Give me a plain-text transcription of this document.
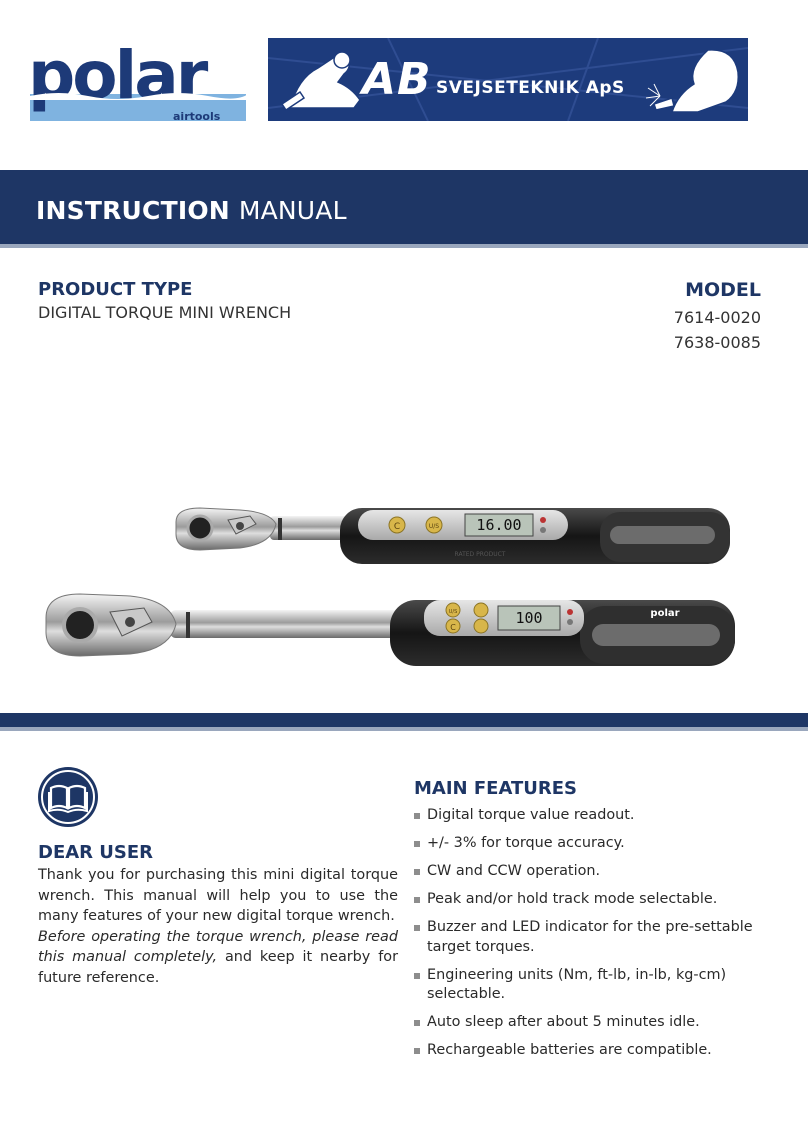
polar
airtools
AB SVEJSETEKNIK ApS
INSTRUCTION MANUAL
PRODUCT TYPE
DIGITAL TORQUE MINI WRENCH
MODEL
7614-0020
7638-0085
C	U/S 16.00
RATED PRODUCT
U/S
C
100	polar
DEAR USER

Thank you for purchasing this mini digital torque wrench. This manual will help you to use the many features of your new digital torque wrench.

Before operating the torque wrench, please read this manual completely, and keep it nearby for future reference.

MAIN FEATURES
Digital torque value readout.
+/- 3% for torque accuracy.
CW and CCW operation.
Peak and/or hold track mode selectable.
Buzzer and LED indicator for the pre-settable target torques.
Engineering units (Nm, ft-lb, in-lb, kg-cm) selectable.
Auto sleep after about 5 minutes idle.
Rechargeable batteries are compatible.
